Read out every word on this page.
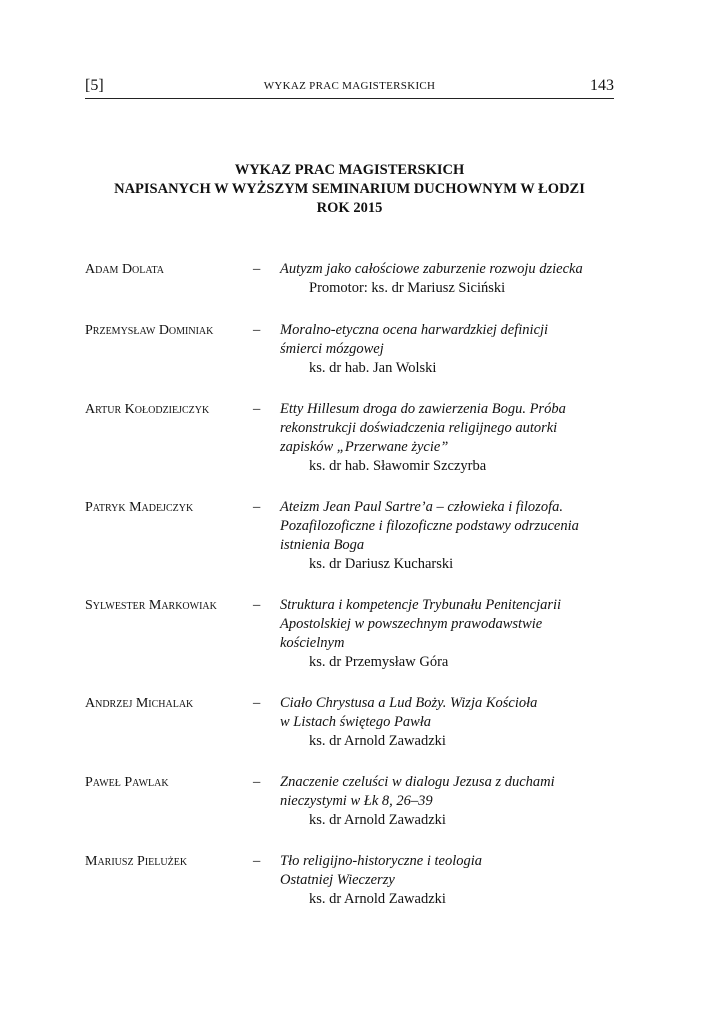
[5]	WYKAZ PRAC MAGISTERSKICH	143
WYKAZ PRAC MAGISTERSKICH
NAPISANYCH W WYŻSZYM SEMINARIUM DUCHOWNYM W ŁODZI
ROK 2015
Adam Dolata	– Autyzm jako całościowe zaburzenie rozwoju dziecka
Promotor: ks. dr Mariusz Siciński
Przemysław Dominiak	– Moralno-etyczna ocena harwardzkiej definicji
śmierci mózgowej
ks. dr hab. Jan Wolski
Artur Kołodziejczyk	– Etty Hillesum droga do zawierzenia Bogu. Próba
rekonstrukcji doświadczenia religijnego autorki
zapisków „Przerwane życie”
ks. dr hab. Sławomir Szczyrba
Patryk Madejczyk	– Ateizm Jean Paul Sartre’a – człowieka i filozofa.
Pozafilozoficzne i filozoficzne podstawy odrzucenia
istnienia Boga
ks. dr Dariusz Kucharski
Sylwester Markowiak – Struktura i kompetencje Trybunału Penitencjarii
Apostolskiej w powszechnym prawodawstwie
kościelnym
ks. dr Przemysław Góra
Andrzej Michalak	– Ciało Chrystusa a Lud Boży. Wizja Kościoła
w Listach świętego Pawła
ks. dr Arnold Zawadzki
Paweł Pawlak	– Znaczenie czeluści w dialogu Jezusa z duchami
nieczystymi w Łk 8, 26–39
ks. dr Arnold Zawadzki
Mariusz Pielużek	– Tło religijno-historyczne i teologia
Ostatniej Wieczerzy
ks. dr Arnold Zawadzki
